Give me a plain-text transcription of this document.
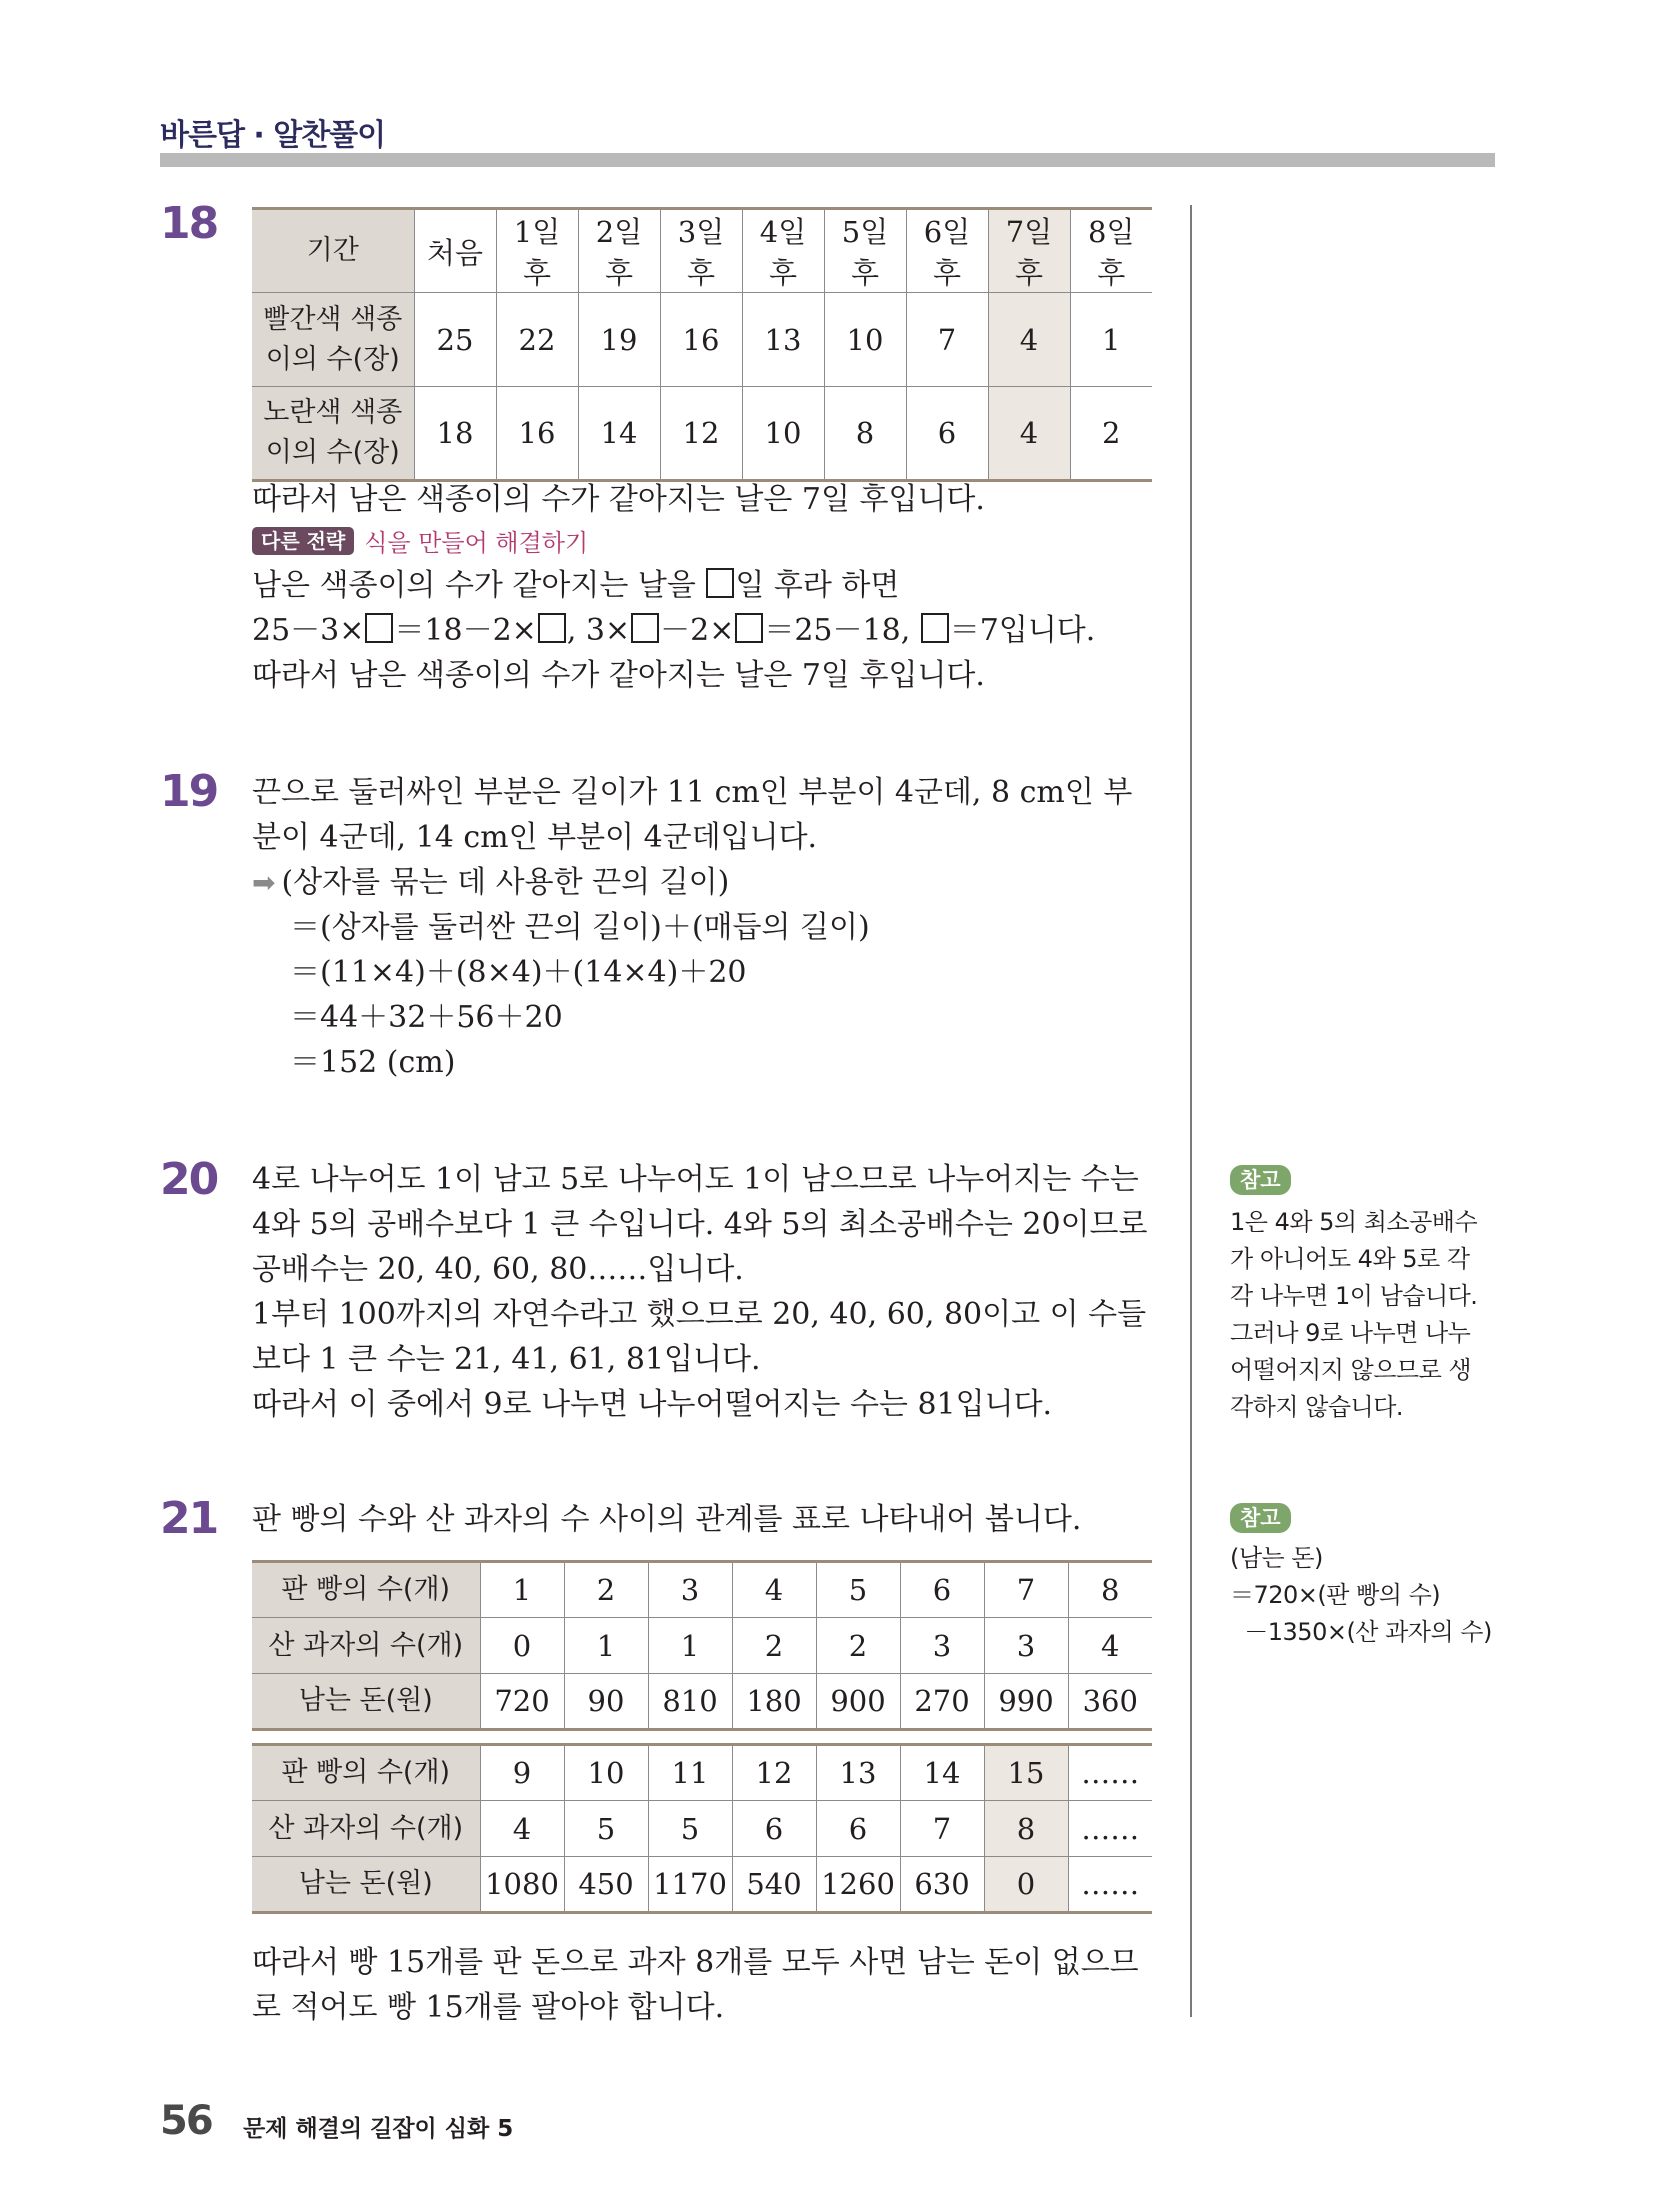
바른답 · 알찬풀이
18
기간	처음	1일 후	2일 후	3일 후	4일 후	5일 후	6일 후	7일 후	8일 후
빨간색 색종
이의 수(장)	25	22	19	16	13	10	7	4	1
노란색 색종
이의 수(장)	18	16	14	12	10	8	6	4	2
따라서 남은 색종이의 수가 같아지는 날은 7일 후입니다.
다른 전략 식을 만들어 해결하기
남은 색종이의 수가 같아지는 날을 일 후라 하면
25－3× ＝18－2× , 3× －2× ＝25－18, ＝7입니다.
따라서 남은 색종이의 수가 같아지는 날은 7일 후입니다.
19 끈으로 둘러싸인 부분은 길이가 11 cm인 부분이 4군데, 8 cm인 부
분이 4군데, 14 cm인 부분이 4군데입니다.
➡ (상자를 묶는 데 사용한 끈의 길이)
＝(상자를 둘러싼 끈의 길이)＋(매듭의 길이)
＝(11×4)＋(8×4)＋(14×4)＋20
＝44＋32＋56＋20
＝152 (cm)
20 4로 나누어도 1이 남고 5로 나누어도 1이 남으므로 나누어지는 수는
4와 5의 공배수보다 1 큰 수입니다. 4와 5의 최소공배수는 20이므로
공배수는 20, 40, 60, 80……입니다.
1부터 100까지의 자연수라고 했으므로 20, 40, 60, 80이고 이 수들
보다 1 큰 수는 21, 41, 61, 81입니다.
따라서 이 중에서 9로 나누면 나누어떨어지는 수는 81입니다.
참고
1은 4와 5의 최소공배수
가 아니어도 4와 5로 각
각 나누면 1이 남습니다.
그러나 9로 나누면 나누
어떨어지지 않으므로 생
각하지 않습니다.
21 판 빵의 수와 산 과자의 수 사이의 관계를 표로 나타내어 봅니다.
판 빵의 수(개)	1	2	3	4	5	6	7	8
산 과자의 수(개)	0	1	1	2	2	3	3	4
남는 돈(원)	720	90	810	180	900	270	990	360
판 빵의 수(개)	9	10	11	12	13	14	15	……
산 과자의 수(개)	4	5	5	6	6	7	8	……
남는 돈(원)	1080	450	1170	540	1260	630	0	……
따라서 빵 15개를 판 돈으로 과자 8개를 모두 사면 남는 돈이 없으므
로 적어도 빵 15개를 팔아야 합니다.
참고
(남는 돈)
＝720×(판 빵의 수)
－1350×(산 과자의 수)
56 문제 해결의 길잡이 심화 5
